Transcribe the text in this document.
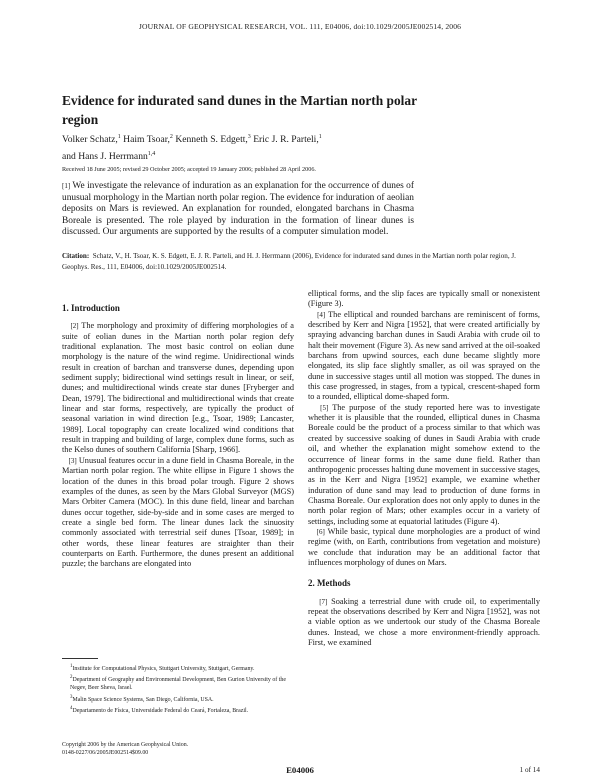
JOURNAL OF GEOPHYSICAL RESEARCH, VOL. 111, E04006, doi:10.1029/2005JE002514, 2006
Evidence for indurated sand dunes in the Martian north polar region
Volker Schatz,$^1$ Haim Tsoar,$^2$ Kenneth S. Edgett,$^3$ Eric J. R. Parteli,$^1$
and Hans J. Herrmann$^{1,4}$
Received 18 June 2005; revised 29 October 2005; accepted 19 January 2006; published 28 April 2006.
[1] We investigate the relevance of induration as an explanation for the occurrence of dunes of unusual morphology in the Martian north polar region. The evidence for induration of aeolian deposits on Mars is reviewed. An explanation for rounded, elongated barchans in Chasma Boreale is presented. The role played by induration in the formation of linear dunes is discussed. Our arguments are supported by the results of a computer simulation model.
Citation: Schatz, V., H. Tsoar, K. S. Edgett, E. J. R. Parteli, and H. J. Herrmann (2006), Evidence for indurated sand dunes in the Martian north polar region, J. Geophys. Res., 111, E04006, doi:10.1029/2005JE002514.
1. Introduction

[2] The morphology and proximity of differing morphologies of a suite of eolian dunes in the Martian north polar region defy traditional explanation. The most basic control on eolian dune morphology is the nature of the wind regime. Unidirectional winds result in creation of barchan and transverse dunes, depending upon sediment supply; bidirectional wind settings result in linear, or seif, dunes; and multidirectional winds create star dunes [Fryberger and Dean, 1979]. The bidirectional and multidirectional winds that create linear and star forms, respectively, are typically the product of seasonal variation in wind direction [e.g., Tsoar, 1989; Lancaster, 1989]. Local topography can create localized wind conditions that result in trapping and building of large, complex dune forms, such as the Kelso dunes of southern California [Sharp, 1966].

[3] Unusual features occur in a dune field in Chasma Boreale, in the Martian north polar region. The white ellipse in Figure 1 shows the location of the dunes in this broad polar trough. Figure 2 shows examples of the dunes, as seen by the Mars Global Surveyor (MGS) Mars Orbiter Camera (MOC). In this dune field, linear and barchan dunes occur together, side-by-side and in some cases are merged to create a single bed form. The linear dunes lack the sinuosity commonly associated with terrestrial seif dunes [Tsoar, 1989]; in other words, these linear features are straighter than their counterparts on Earth. Furthermore, the dunes present an additional puzzle; the barchans are elongated into

elliptical forms, and the slip faces are typically small or nonexistent (Figure 3).

[4] The elliptical and rounded barchans are reminiscent of forms, described by Kerr and Nigra [1952], that were created artificially by spraying advancing barchan dunes in Saudi Arabia with crude oil to halt their movement (Figure 3). As new sand arrived at the oil-soaked barchans from upwind sources, each dune became slightly more elongated, its slip face slightly smaller, as oil was sprayed on the dune in successive stages until all motion was stopped. The dunes in this case progressed, in stages, from a typical, crescent-shaped form to a rounded, elliptical dome-shaped form.

[5] The purpose of the study reported here was to investigate whether it is plausible that the rounded, elliptical dunes in Chasma Boreale could be the product of a process similar to that which was created by successive soaking of dunes in Saudi Arabia with crude oil, and whether the explanation might somehow extend to the occurrence of linear forms in the same dune field. Rather than anthropogenic processes halting dune movement in successive stages, as in the Kerr and Nigra [1952] example, we examine whether induration of dune sand may lead to production of dune forms in Chasma Boreale. Our exploration does not only apply to dunes in the north polar region of Mars; other examples occur in a variety of settings, including some at equatorial latitudes (Figure 4).

[6] While basic, typical dune morphologies are a product of wind regime (with, on Earth, contributions from vegetation and moisture) we conclude that induration may be an additional factor that influences morphology of dunes on Mars.

2. Methods

[7] Soaking a terrestrial dune with crude oil, to experimentally repeat the observations described by Kerr and Nigra [1952], was not a viable option as we undertook our study of the Chasma Boreale dunes. Instead, we chose a more environment-friendly approach. First, we examined

$^1$Institute for Computational Physics, Stuttgart University, Stuttgart, Germany.

$^2$Department of Geography and Environmental Development, Ben Gurion University of the Negev, Beer Sheva, Israel.

$^3$Malin Space Science Systems, San Diego, California, USA.

$^4$Departamento de Física, Universidade Federal do Ceará, Fortaleza, Brazil.

Copyright 2006 by the American Geophysical Union.
0148-0227/06/2005JE002514$09.00
E04006	1 of 14
